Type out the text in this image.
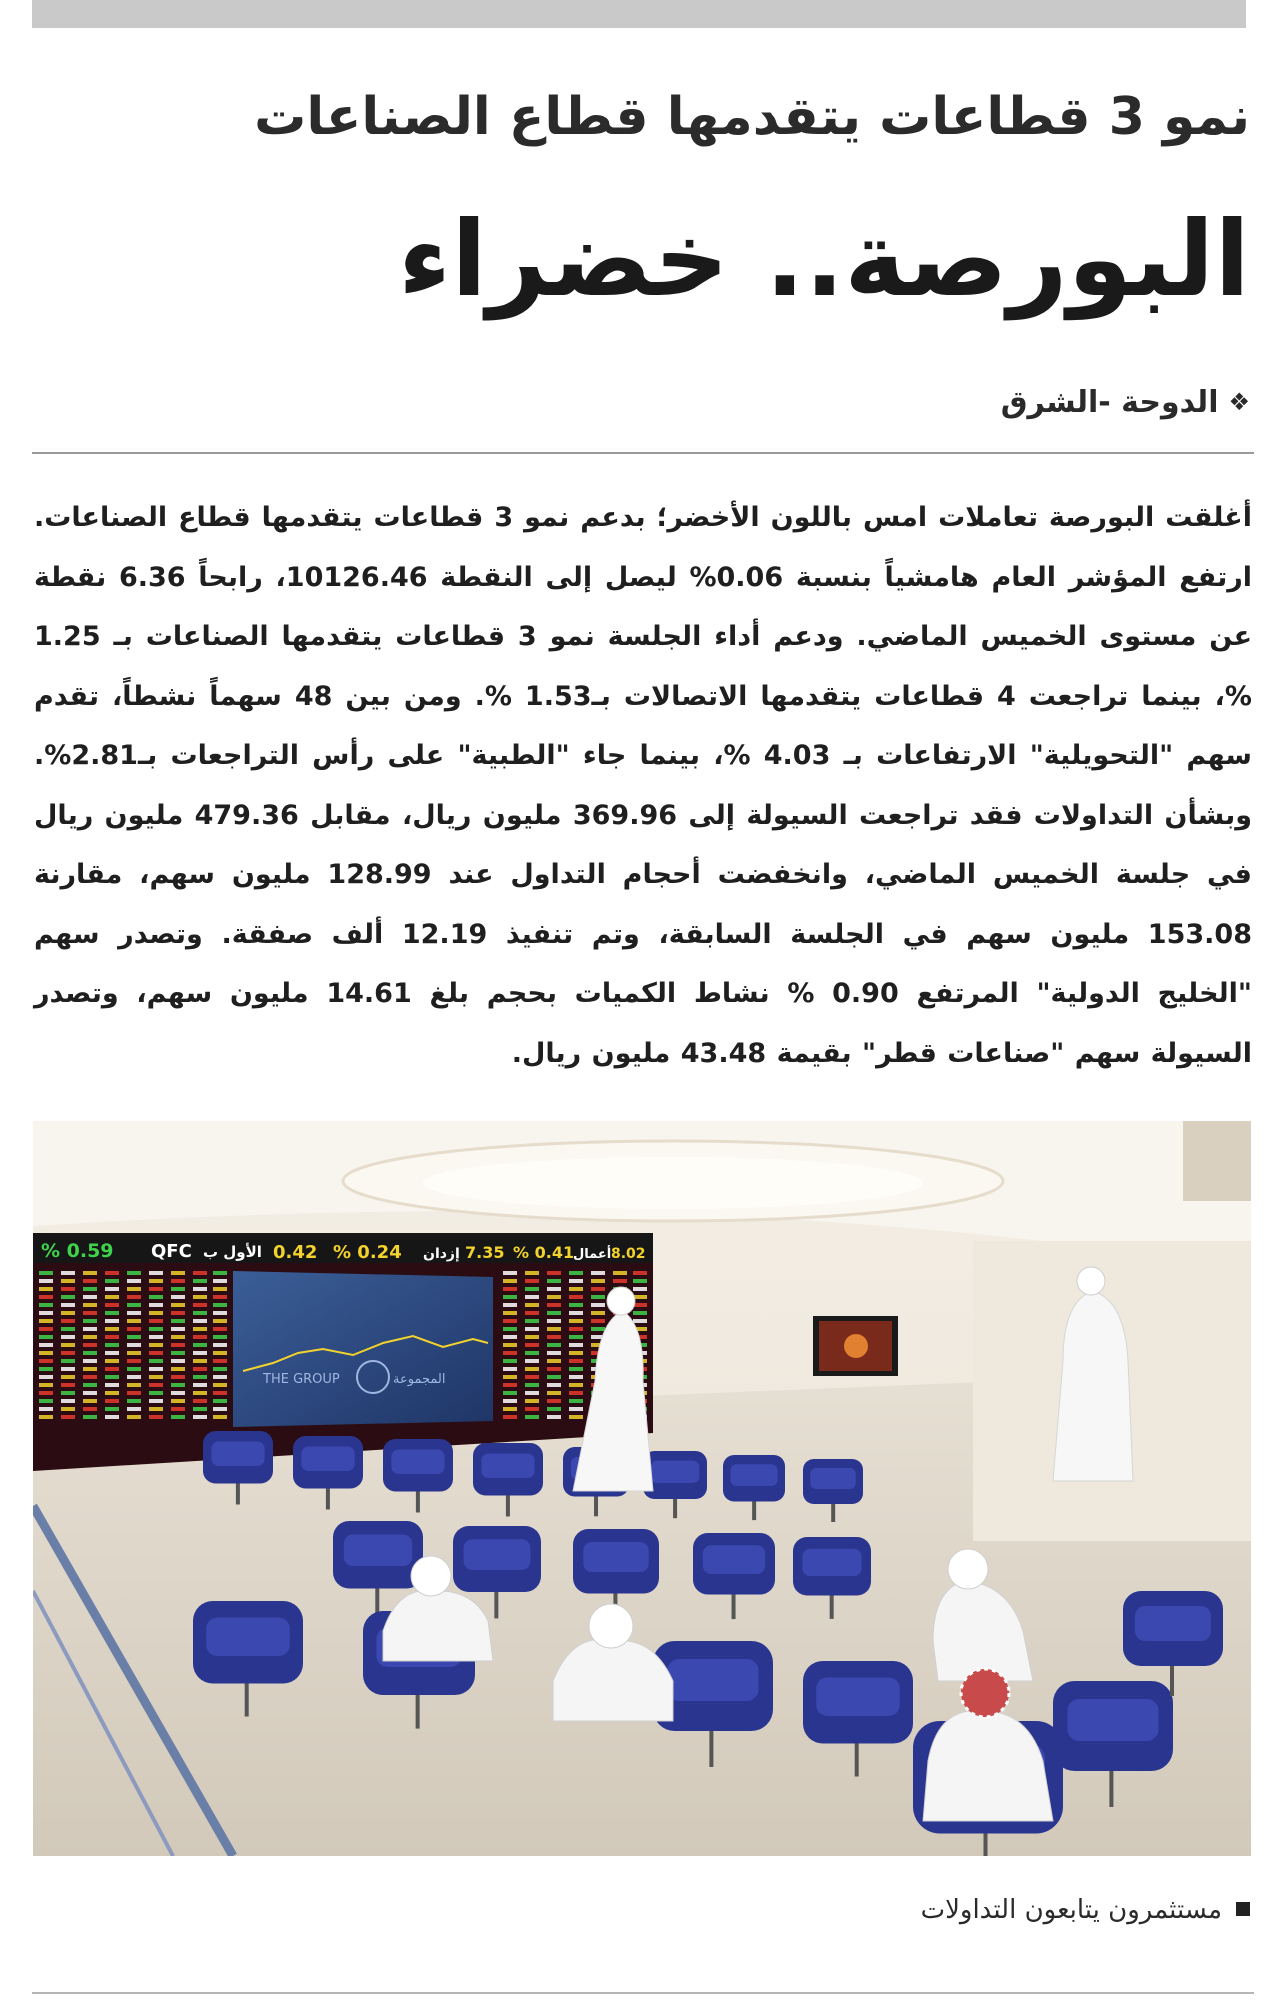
نمو 3 قطاعات يتقدمها قطاع الصناعات
البورصة.. خضراء
❖الدوحة -الشرق
أغلقت البورصة تعاملات امس باللون الأخضر؛ بدعم نمو 3 قطاعات يتقدمها قطاع الصناعات. ارتفع المؤشر العام هامشياً بنسبة 0.06% ليصل إلى النقطة 10126.46، رابحاً 6.36 نقطة عن مستوى الخميس الماضي. ودعم أداء الجلسة نمو 3 قطاعات يتقدمها الصناعات بـ 1.25 %، بينما تراجعت 4 قطاعات يتقدمها الاتصالات بـ1.53 %. ومن بين 48 سهماً نشطاً، تقدم سهم "التحويلية" الارتفاعات بـ 4.03 %، بينما جاء "الطبية" على رأس التراجعات بـ2.81%. وبشأن التداولات فقد تراجعت السيولة إلى 369.96 مليون ريال، مقابل 479.36 مليون ريال في جلسة الخميس الماضي، وانخفضت أحجام التداول عند 128.99 مليون سهم، مقارنة 153.08 مليون سهم في الجلسة السابقة، وتم تنفيذ 12.19 ألف صفقة. وتصدر سهم "الخليج الدولية" المرتفع 0.90 % نشاط الكميات بحجم بلغ 14.61 مليون سهم، وتصدر السيولة سهم "صناعات قطر" بقيمة 43.48 مليون ريال.
% 0.59 QFC الأول ب 0.42 % 0.24 إزدان 7.35 % 0.41
أعمال 8.02
THE GROUP	المجموعة
مستثمرون يتابعون التداولات
